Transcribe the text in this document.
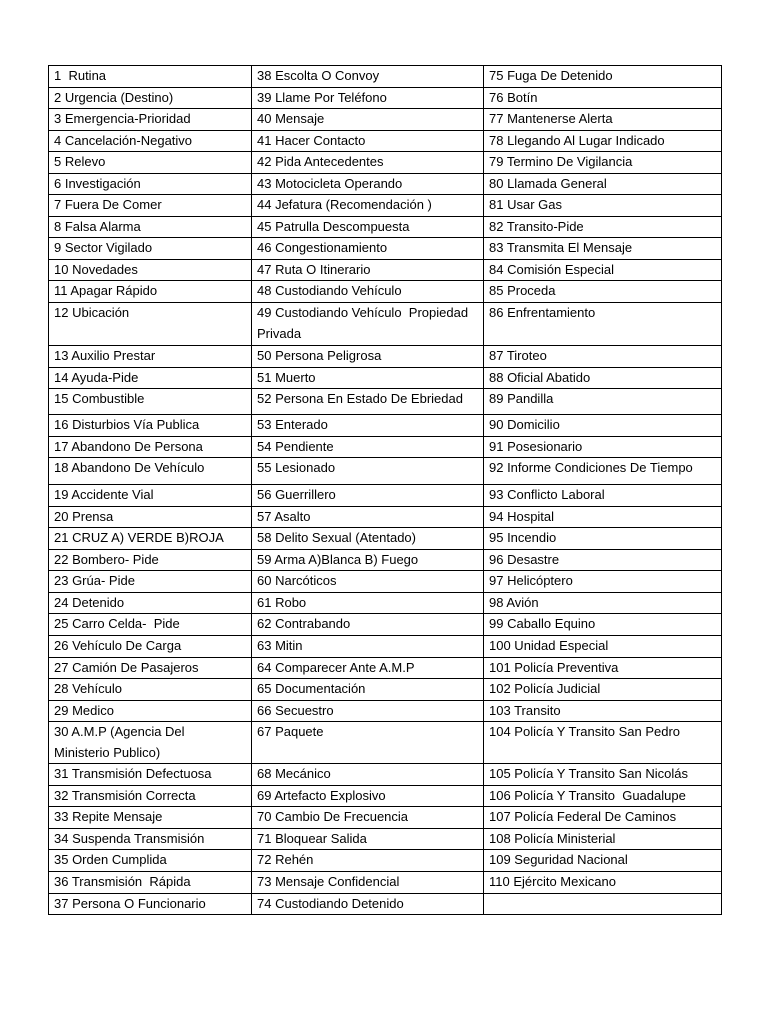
1  Rutina	38 Escolta O Convoy	75 Fuga De Detenido
2 Urgencia (Destino)	39 Llame Por Teléfono	76 Botín
3 Emergencia-Prioridad	40 Mensaje	77 Mantenerse Alerta
4 Cancelación-Negativo	41 Hacer Contacto	78 Llegando Al Lugar Indicado
5 Relevo	42 Pida Antecedentes	79 Termino De Vigilancia
6 Investigación	43 Motocicleta Operando	80 Llamada General
7 Fuera De Comer	44 Jefatura (Recomendación )	81 Usar Gas
8 Falsa Alarma	45 Patrulla Descompuesta	82 Transito-Pide
9 Sector Vigilado	46 Congestionamiento	83 Transmita El Mensaje
10 Novedades	47 Ruta O Itinerario	84 Comisión Especial
11 Apagar Rápido	48 Custodiando Vehículo	85 Proceda
12 Ubicación	49 Custodiando Vehículo  Propiedad Privada	86 Enfrentamiento
13 Auxilio Prestar	50 Persona Peligrosa	87 Tiroteo
14 Ayuda-Pide	51 Muerto	88 Oficial Abatido
15 Combustible	52 Persona En Estado De Ebriedad	89 Pandilla
16 Disturbios Vía Publica	53 Enterado	90 Domicilio
17 Abandono De Persona	54 Pendiente	91 Posesionario
18 Abandono De Vehículo	55 Lesionado	92 Informe Condiciones De Tiempo
19 Accidente Vial	56 Guerrillero	93 Conflicto Laboral
20 Prensa	57 Asalto	94 Hospital
21 CRUZ A) VERDE B)ROJA	58 Delito Sexual (Atentado)	95 Incendio
22 Bombero- Pide	59 Arma A)Blanca B) Fuego	96 Desastre
23 Grúa- Pide	60 Narcóticos	97 Helicóptero
24 Detenido	61 Robo	98 Avión
25 Carro Celda-  Pide	62 Contrabando	99 Caballo Equino
26 Vehículo De Carga	63 Mitin	100 Unidad Especial
27 Camión De Pasajeros	64 Comparecer Ante A.M.P	101 Policía Preventiva
28 Vehículo	65 Documentación	102 Policía Judicial
29 Medico	66 Secuestro	103 Transito
30 A.M.P (Agencia Del Ministerio Publico)	67 Paquete	104 Policía Y Transito San Pedro
31 Transmisión Defectuosa	68 Mecánico	105 Policía Y Transito San Nicolás
32 Transmisión Correcta	69 Artefacto Explosivo	106 Policía Y Transito  Guadalupe
33 Repite Mensaje	70 Cambio De Frecuencia	107 Policía Federal De Caminos
34 Suspenda Transmisión	71 Bloquear Salida	108 Policía Ministerial
35 Orden Cumplida	72 Rehén	109 Seguridad Nacional
36 Transmisión  Rápida	73 Mensaje Confidencial	110 Ejército Mexicano
37 Persona O Funcionario	74 Custodiando Detenido	
